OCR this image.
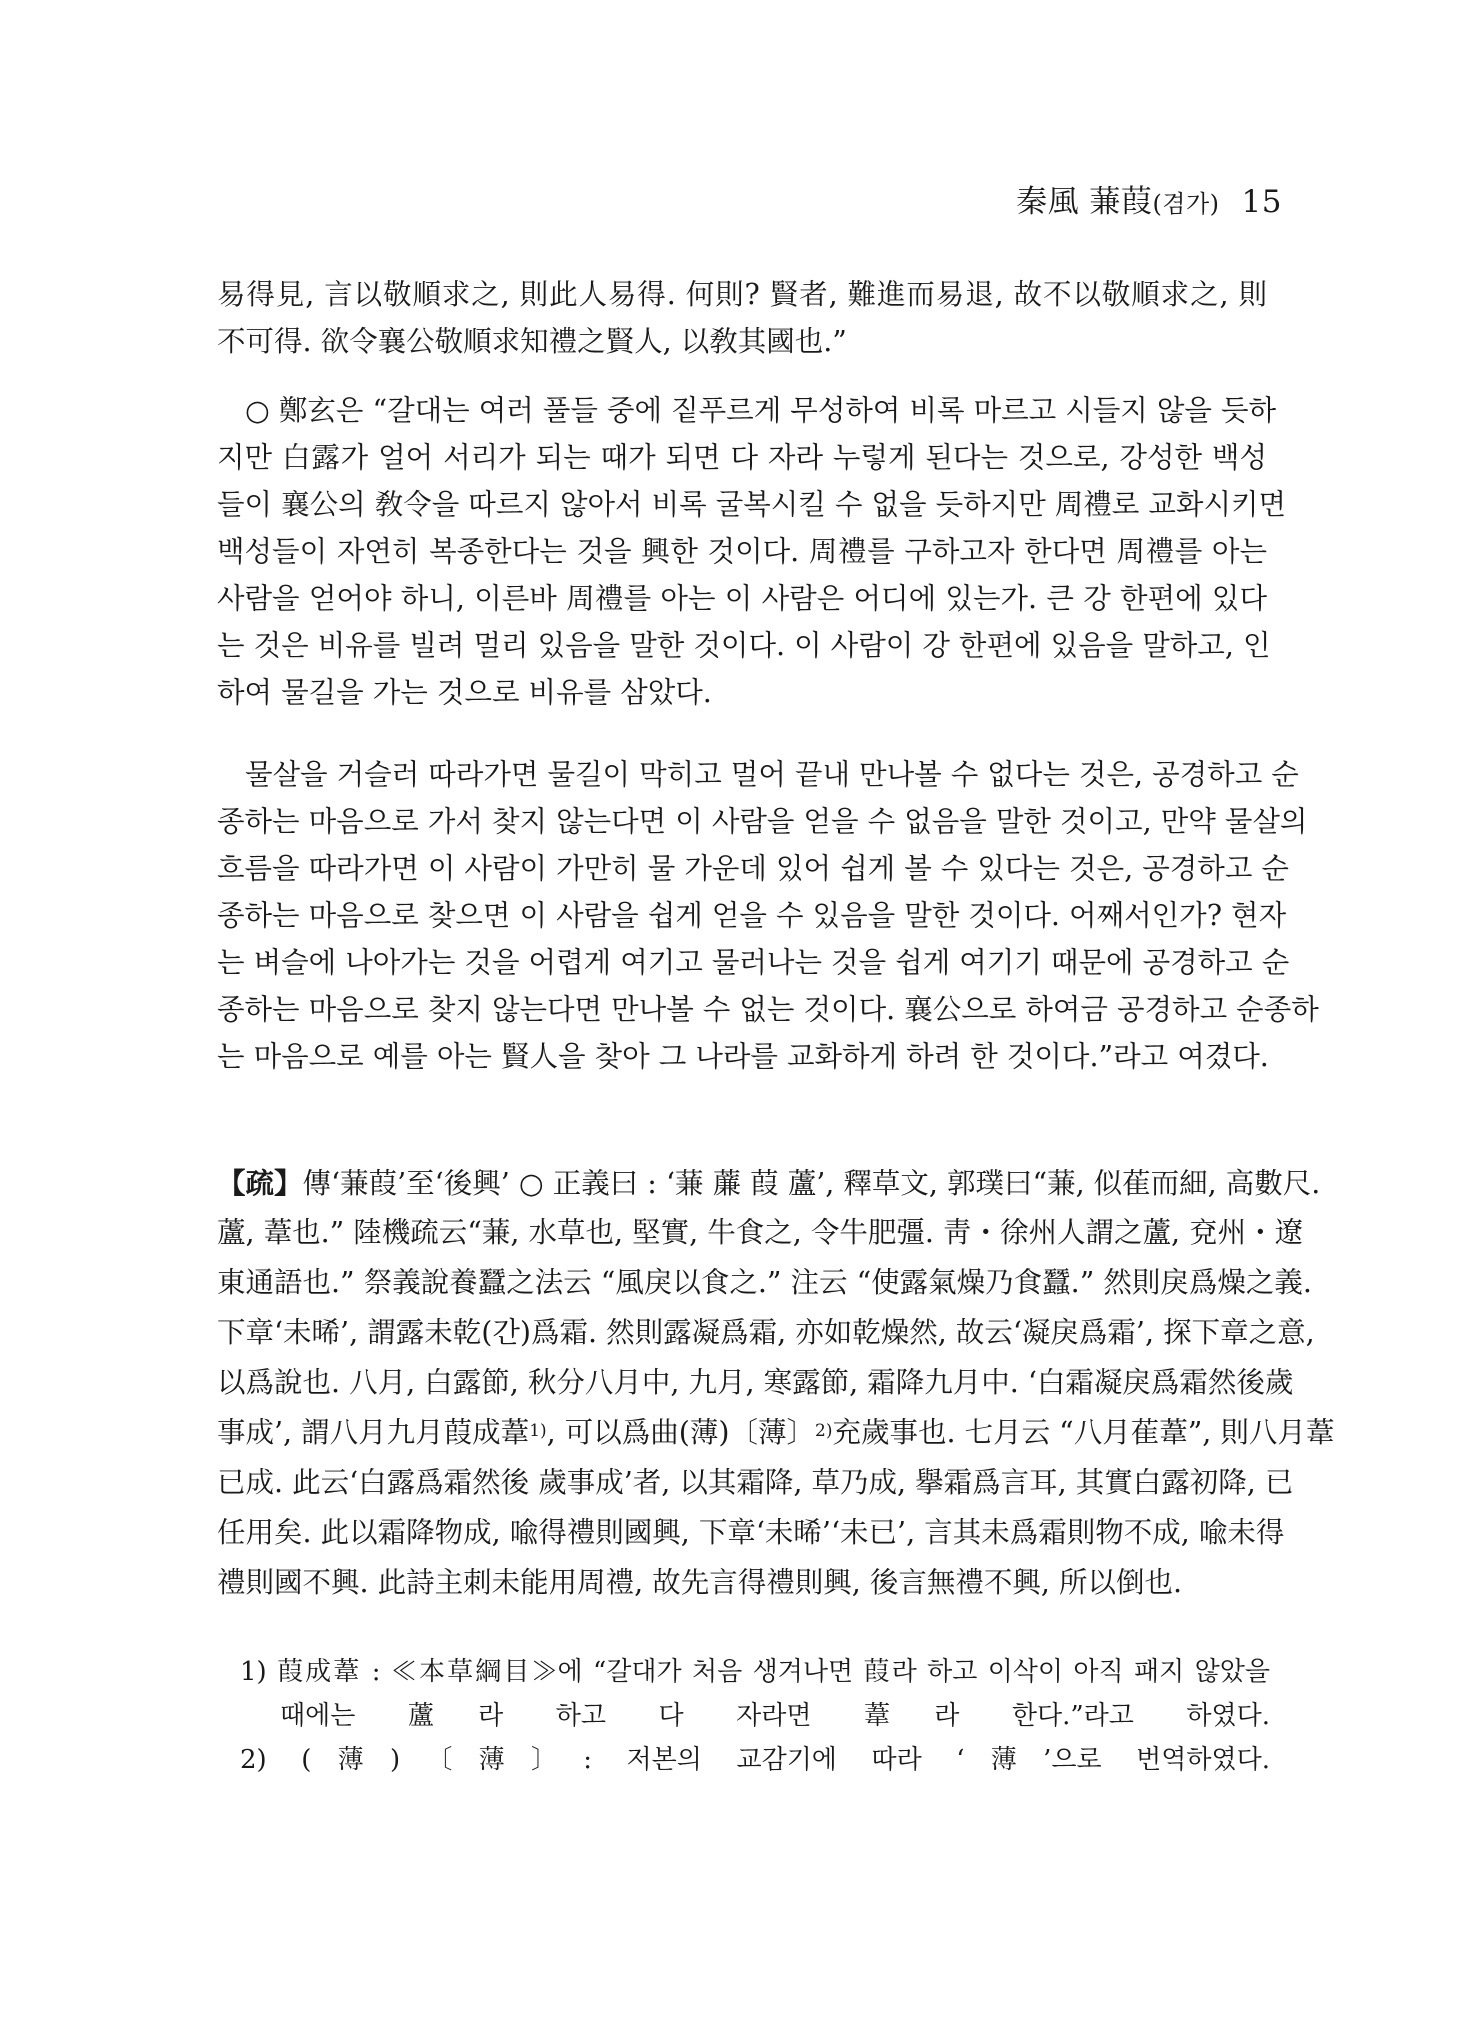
秦風 蒹葭(겸가) 15
易得見, 言以敬順求之, 則此人易得. 何則? 賢者, 難進而易退, 故不以敬順求之, 則
不可得. 欲令襄公敬順求知禮之賢人, 以敎其國也.”
○ 鄭玄은 “갈대는 여러 풀들 중에 짙푸르게 무성하여 비록 마르고 시들지 않을 듯하
지만 白露가 얼어 서리가 되는 때가 되면 다 자라 누렇게 된다는 것으로, 강성한 백성
들이 襄公의 敎令을 따르지 않아서 비록 굴복시킬 수 없을 듯하지만 周禮로 교화시키면
백성들이 자연히 복종한다는 것을 興한 것이다. 周禮를 구하고자 한다면 周禮를 아는
사람을 얻어야 하니, 이른바 周禮를 아는 이 사람은 어디에 있는가. 큰 강 한편에 있다
는 것은 비유를 빌려 멀리 있음을 말한 것이다. 이 사람이 강 한편에 있음을 말하고, 인
하여 물길을 가는 것으로 비유를 삼았다.
물살을 거슬러 따라가면 물길이 막히고 멀어 끝내 만나볼 수 없다는 것은, 공경하고 순
종하는 마음으로 가서 찾지 않는다면 이 사람을 얻을 수 없음을 말한 것이고, 만약 물살의
흐름을 따라가면 이 사람이 가만히 물 가운데 있어 쉽게 볼 수 있다는 것은, 공경하고 순
종하는 마음으로 찾으면 이 사람을 쉽게 얻을 수 있음을 말한 것이다. 어째서인가? 현자
는 벼슬에 나아가는 것을 어렵게 여기고 물러나는 것을 쉽게 여기기 때문에 공경하고 순
종하는 마음으로 찾지 않는다면 만나볼 수 없는 것이다. 襄公으로 하여금 공경하고 순종하
는 마음으로 예를 아는 賢人을 찾아 그 나라를 교화하게 하려 한 것이다.”라고 여겼다.
【疏】傳‘蒹葭’至‘後興’ ○ 正義曰 : ‘蒹 薕 葭 蘆’, 釋草文, 郭璞曰“蒹, 似萑而細, 高數尺.
蘆, 葦也.” 陸機疏云“蒹, 水草也, 堅實, 牛食之, 令牛肥彊. 靑・徐州人謂之蘆, 兗州・遼
東通語也.” 祭義說養蠶之法云 “風戾以食之.” 注云 “使露氣燥乃食蠶.” 然則戾爲燥之義.
下章‘未晞’, 謂露未乾(간)爲霜. 然則露凝爲霜, 亦如乾燥然, 故云‘凝戾爲霜’, 探下章之意,
以爲說也. 八月, 白露節, 秋分八月中, 九月, 寒露節, 霜降九月中. ‘白霜凝戾爲霜然後歲
事成’, 謂八月九月葭成葦$^{1)}$, 可以爲曲(薄)〔薄〕$^{2)}$充歲事也. 七月云 “八月萑葦”, 則八月葦
已成. 此云‘白露爲霜然後 歲事成’者, 以其霜降, 草乃成, 擧霜爲言耳, 其實白露初降, 已
任用矣. 此以霜降物成, 喩得禮則國興, 下章‘未晞’‘未已’, 言其未爲霜則物不成, 喩未得
禮則國不興. 此詩主刺未能用周禮, 故先言得禮則興, 後言無禮不興, 所以倒也.
1) 葭成葦 : ≪本草綱目≫에 “갈대가 처음 생겨나면 葭라 하고 이삭이 아직 패지 않았을
때에는 蘆라 하고 다 자라면 葦라 한다.”라고 하였다.
2) (薄)〔薄〕: 저본의 교감기에 따라 ‘薄’으로 번역하였다.
